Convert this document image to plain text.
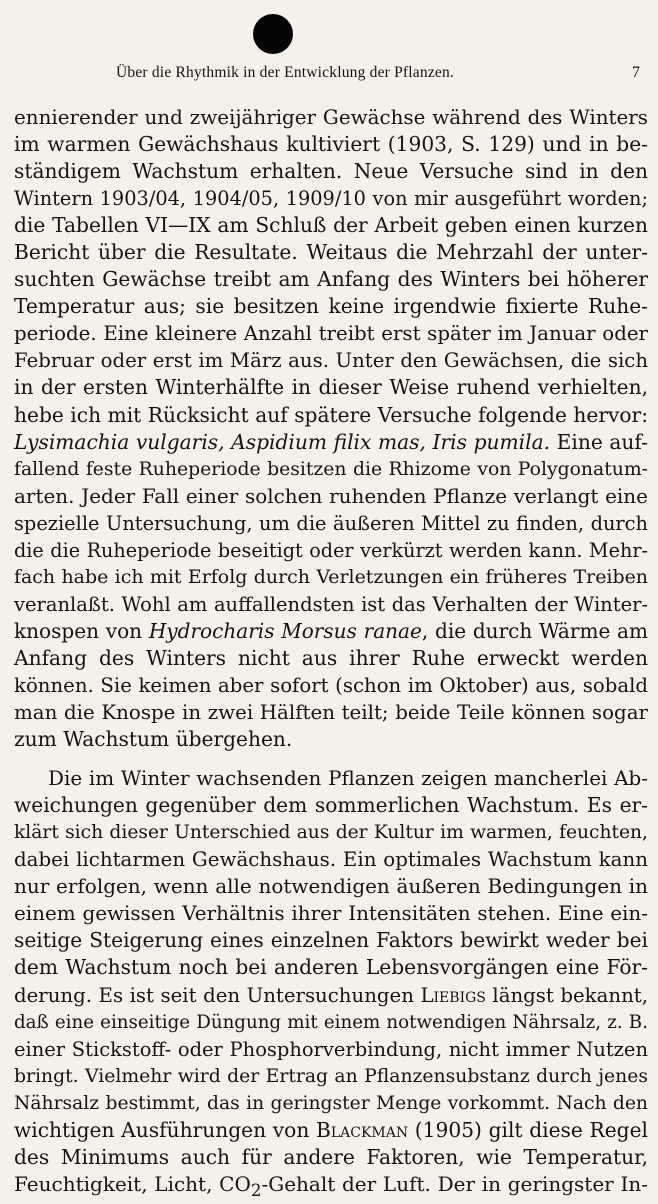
Über die Rhythmik in der Entwicklung der Pflanzen.	7
ennierender und zweijähriger Gewächse während des Winters
im warmen Gewächshaus kultiviert (1903, S. 129) und in be-
ständigem Wachstum erhalten. Neue Versuche sind in den
Wintern 1903/04, 1904/05, 1909/10 von mir ausgeführt worden;
die Tabellen VI—IX am Schluß der Arbeit geben einen kurzen
Bericht über die Resultate. Weitaus die Mehrzahl der unter-
suchten Gewächse treibt am Anfang des Winters bei höherer
Temperatur aus; sie besitzen keine irgendwie fixierte Ruhe-
periode. Eine kleinere Anzahl treibt erst später im Januar oder
Februar oder erst im März aus. Unter den Gewächsen, die sich
in der ersten Winterhälfte in dieser Weise ruhend verhielten,
hebe ich mit Rücksicht auf spätere Versuche folgende hervor:
Lysimachia vulgaris, Aspidium filix mas, Iris pumila. Eine auf-
fallend feste Ruheperiode besitzen die Rhizome von Polygonatum-
arten. Jeder Fall einer solchen ruhenden Pflanze verlangt eine
spezielle Untersuchung, um die äußeren Mittel zu finden, durch
die die Ruheperiode beseitigt oder verkürzt werden kann. Mehr-
fach habe ich mit Erfolg durch Verletzungen ein früheres Treiben
veranlaßt. Wohl am auffallendsten ist das Verhalten der Winter-
knospen von Hydrocharis Morsus ranae, die durch Wärme am
Anfang des Winters nicht aus ihrer Ruhe erweckt werden
können. Sie keimen aber sofort (schon im Oktober) aus, sobald
man die Knospe in zwei Hälften teilt; beide Teile können sogar
zum Wachstum übergehen.
Die im Winter wachsenden Pflanzen zeigen mancherlei Ab-
weichungen gegenüber dem sommerlichen Wachstum. Es er-
klärt sich dieser Unterschied aus der Kultur im warmen, feuchten,
dabei lichtarmen Gewächshaus. Ein optimales Wachstum kann
nur erfolgen, wenn alle notwendigen äußeren Bedingungen in
einem gewissen Verhältnis ihrer Intensitäten stehen. Eine ein-
seitige Steigerung eines einzelnen Faktors bewirkt weder bei
dem Wachstum noch bei anderen Lebensvorgängen eine För-
derung. Es ist seit den Untersuchungen Liebigs längst bekannt,
daß eine einseitige Düngung mit einem notwendigen Nährsalz, z. B.
einer Stickstoff- oder Phosphorverbindung, nicht immer Nutzen
bringt. Vielmehr wird der Ertrag an Pflanzensubstanz durch jenes
Nährsalz bestimmt, das in geringster Menge vorkommt. Nach den
wichtigen Ausführungen von Blackman (1905) gilt diese Regel
des Minimums auch für andere Faktoren, wie Temperatur,
Feuchtigkeit, Licht, $CO_2$-Gehalt der Luft. Der in geringster In-
